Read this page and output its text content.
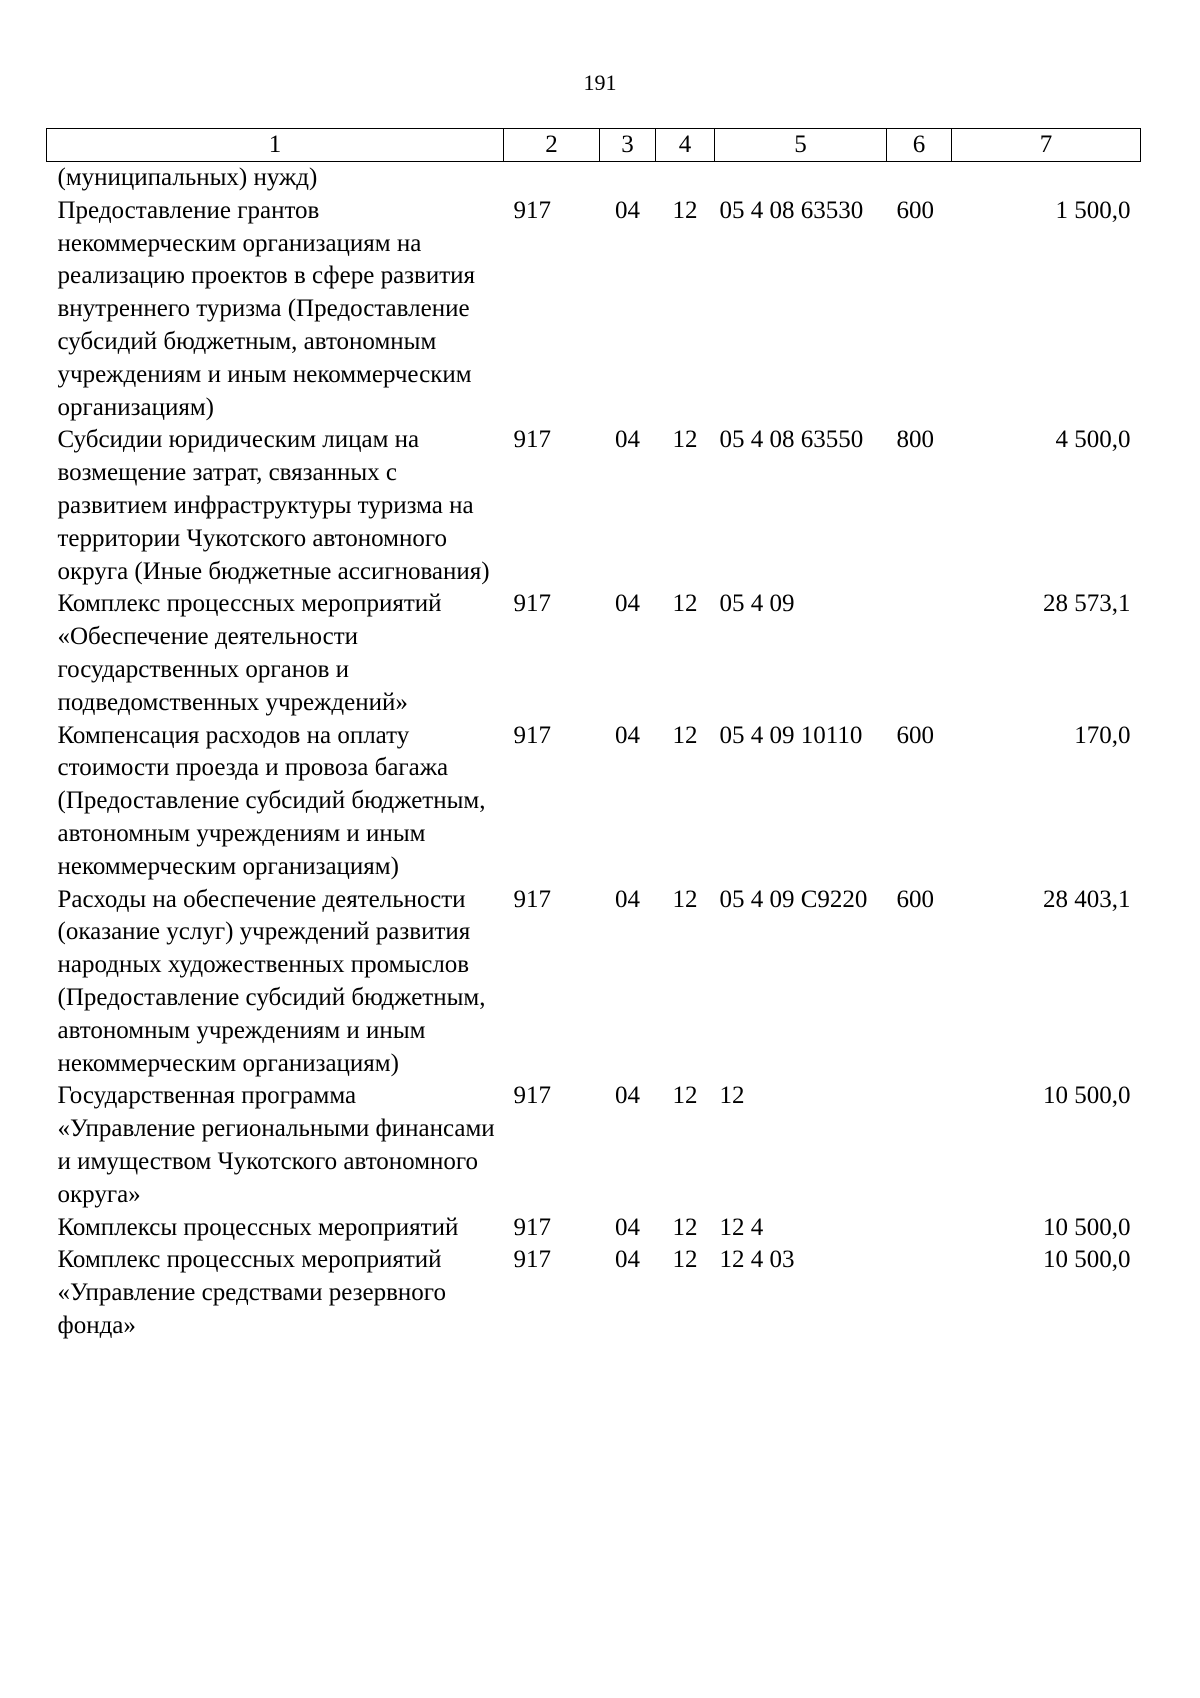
191
1	2	3	4	5	6	7
(муниципальных) нужд)						
Предоставление грантов некоммерческим организациям на реализацию проектов в сфере развития внутреннего туризма (Предоставление субсидий бюджетным, автономным учреждениям и иным некоммерческим организациям)	917	04	12	05 4 08 63530	600	1 500,0
Субсидии юридическим лицам на возмещение затрат, связанных с развитием инфраструктуры туризма на территории Чукотского автономного округа (Иные бюджетные ассигнования)	917	04	12	05 4 08 63550	800	4 500,0
Комплекс процессных мероприятий «Обеспечение деятельности государственных органов и подведомственных учреждений»	917	04	12	05 4 09		28 573,1
Компенсация расходов на оплату стоимости проезда и провоза багажа (Предоставление субсидий бюджетным, автономным учреждениям и иным некоммерческим организациям)	917	04	12	05 4 09 10110	600	170,0
Расходы на обеспечение деятельности (оказание услуг) учреждений развития народных художественных промыслов (Предоставление субсидий бюджетным, автономным учреждениям и иным некоммерческим организациям)	917	04	12	05 4 09 С9220	600	28 403,1
Государственная программа «Управление региональными финансами и имуществом Чукотского автономного округа»	917	04	12	12		10 500,0
Комплексы процессных мероприятий	917	04	12	12 4		10 500,0
Комплекс процессных мероприятий «Управление средствами резервного фонда»	917	04	12	12 4 03		10 500,0
